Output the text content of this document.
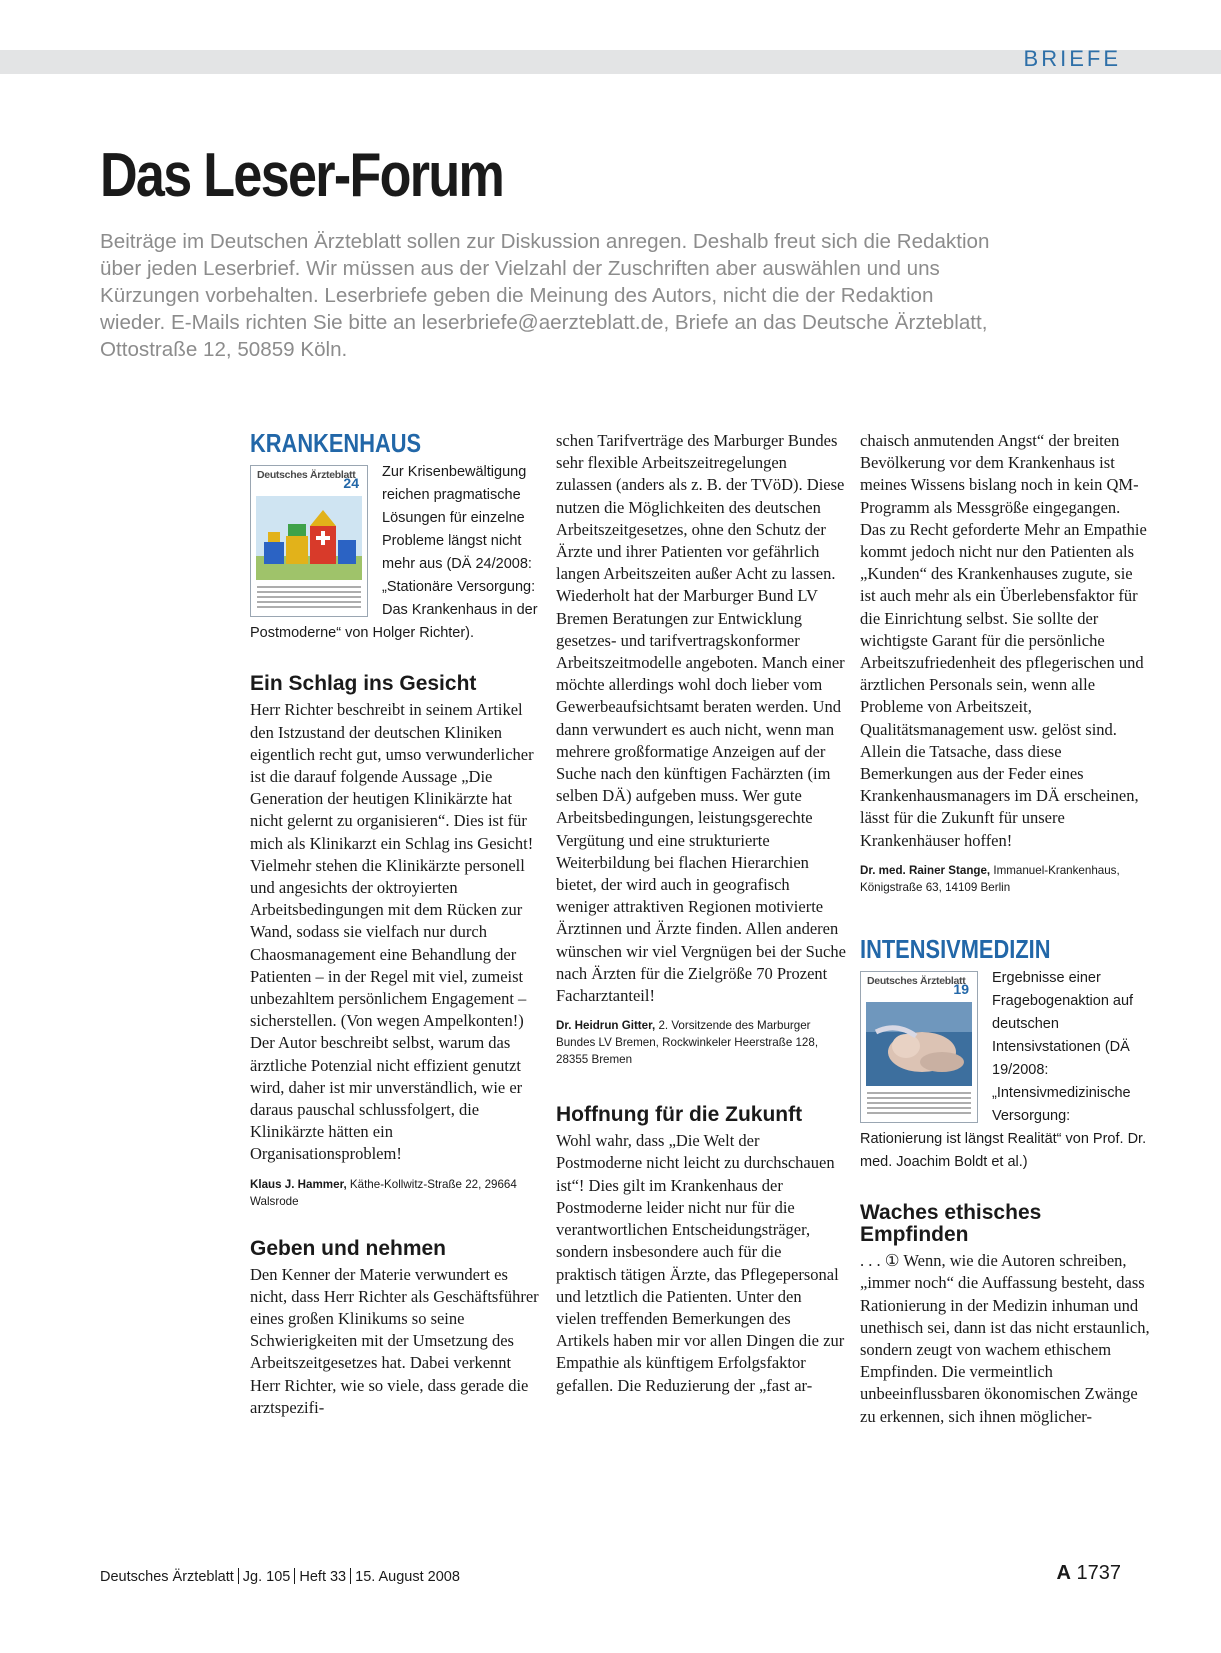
BRIEFE
Das Leser-Forum

Beiträge im Deutschen Ärzteblatt sollen zur Diskussion anregen. Deshalb freut sich die Redaktion über jeden Leserbrief. Wir müssen aus der Vielzahl der Zuschriften aber auswählen und uns Kürzungen vorbehalten. Leserbriefe geben die Meinung des Autors, nicht die der Redaktion wieder. E-Mails richten Sie bitte an leserbriefe@aerzteblatt.de, Briefe an das Deutsche Ärzteblatt, Ottostraße 12, 50859 Köln.

KRANKENHAUS
Deutsches Ärzteblatt
24
Zur Krisenbewältigung reichen pragmatische Lösungen für einzelne Probleme längst nicht mehr aus (DÄ 24/2008: „Stationäre Versorgung: Das Krankenhaus in der Postmoderne“ von Holger Richter).
Ein Schlag ins Gesicht

Herr Richter beschreibt in seinem Artikel den Istzustand der deutschen Kliniken eigentlich recht gut, umso verwunderlicher ist die darauf folgende Aussage „Die Generation der heutigen Klinikärzte hat nicht gelernt zu organisieren“. Dies ist für mich als Klinikarzt ein Schlag ins Gesicht! Vielmehr stehen die Klinikärzte personell und angesichts der oktroyierten Arbeitsbedingungen mit dem Rücken zur Wand, sodass sie vielfach nur durch Chaosmanagement eine Behandlung der Patienten – in der Regel mit viel, zumeist unbezahltem persönlichem Engagement – sicherstellen. (Von wegen Ampelkonten!) Der Autor beschreibt selbst, warum das ärztliche Potenzial nicht effizient genutzt wird, daher ist mir unverständlich, wie er daraus pauschal schlussfolgert, die Klinikärzte hätten ein Organisationsproblem!

Klaus J. Hammer, Käthe-Kollwitz-Straße 22, 29664 Walsrode

Geben und nehmen

Den Kenner der Materie verwundert es nicht, dass Herr Richter als Geschäftsführer eines großen Klinikums so seine Schwierigkeiten mit der Umsetzung des Arbeitszeitgesetzes hat. Dabei verkennt Herr Richter, wie so viele, dass gerade die arztspezifi-

schen Tarifverträge des Marburger Bundes sehr flexible Arbeitszeitregelungen zulassen (anders als z. B. der TVöD). Diese nutzen die Möglichkeiten des deutschen Arbeitszeitgesetzes, ohne den Schutz der Ärzte und ihrer Patienten vor gefährlich langen Arbeitszeiten außer Acht zu lassen. Wiederholt hat der Marburger Bund LV Bremen Beratungen zur Entwicklung gesetzes- und tarifvertragskonformer Arbeitszeitmodelle angeboten. Manch einer möchte allerdings wohl doch lieber vom Gewerbeaufsichtsamt beraten werden. Und dann verwundert es auch nicht, wenn man mehrere großformatige Anzeigen auf der Suche nach den künftigen Fachärzten (im selben DÄ) aufgeben muss. Wer gute Arbeitsbedingungen, leistungsgerechte Vergütung und eine strukturierte Weiterbildung bei flachen Hierarchien bietet, der wird auch in geografisch weniger attraktiven Regionen motivierte Ärztinnen und Ärzte finden. Allen anderen wünschen wir viel Vergnügen bei der Suche nach Ärzten für die Zielgröße 70 Prozent Facharztanteil!

Dr. Heidrun Gitter, 2. Vorsitzende des Marburger Bundes LV Bremen, Rockwinkeler Heerstraße 128, 28355 Bremen

Hoffnung für die Zukunft

Wohl wahr, dass „Die Welt der Postmoderne nicht leicht zu durchschauen ist“! Dies gilt im Krankenhaus der Postmoderne leider nicht nur für die verantwortlichen Entscheidungsträger, sondern insbesondere auch für die praktisch tätigen Ärzte, das Pflegepersonal und letztlich die Patienten. Unter den vielen treffenden Bemerkungen des Artikels haben mir vor allen Dingen die zur Empathie als künftigem Erfolgsfaktor gefallen. Die Reduzierung der „fast ar-

chaisch anmutenden Angst“ der breiten Bevölkerung vor dem Krankenhaus ist meines Wissens bislang noch in kein QM-Programm als Messgröße eingegangen. Das zu Recht geforderte Mehr an Empathie kommt jedoch nicht nur den Patienten als „Kunden“ des Krankenhauses zugute, sie ist auch mehr als ein Überlebensfaktor für die Einrichtung selbst. Sie sollte der wichtigste Garant für die persönliche Arbeitszufriedenheit des pflegerischen und ärztlichen Personals sein, wenn alle Probleme von Arbeitszeit, Qualitätsmanagement usw. gelöst sind. Allein die Tatsache, dass diese Bemerkungen aus der Feder eines Krankenhausmanagers im DÄ erscheinen, lässt für die Zukunft für unsere Krankenhäuser hoffen!

Dr. med. Rainer Stange, Immanuel-Krankenhaus, Königstraße 63, 14109 Berlin

INTENSIVMEDIZIN
Deutsches Ärzteblatt
19
Ergebnisse einer Fragebogenaktion auf deutschen Intensivstationen (DÄ 19/2008: „Intensivmedizinische Versorgung: Rationierung ist längst Realität“ von Prof. Dr. med. Joachim Boldt et al.)
Waches ethisches Empfinden

. . . ① Wenn, wie die Autoren schreiben, „immer noch“ die Auffassung besteht, dass Rationierung in der Medizin inhuman und unethisch sei, dann ist das nicht erstaunlich, sondern zeugt von wachem ethischem Empfinden. Die vermeintlich unbeeinflussbaren ökonomischen Zwänge zu erkennen, sich ihnen möglicher-

Deutsches Ärzteblatt Jg. 105 Heft 33 15. August 2008	A 1737
